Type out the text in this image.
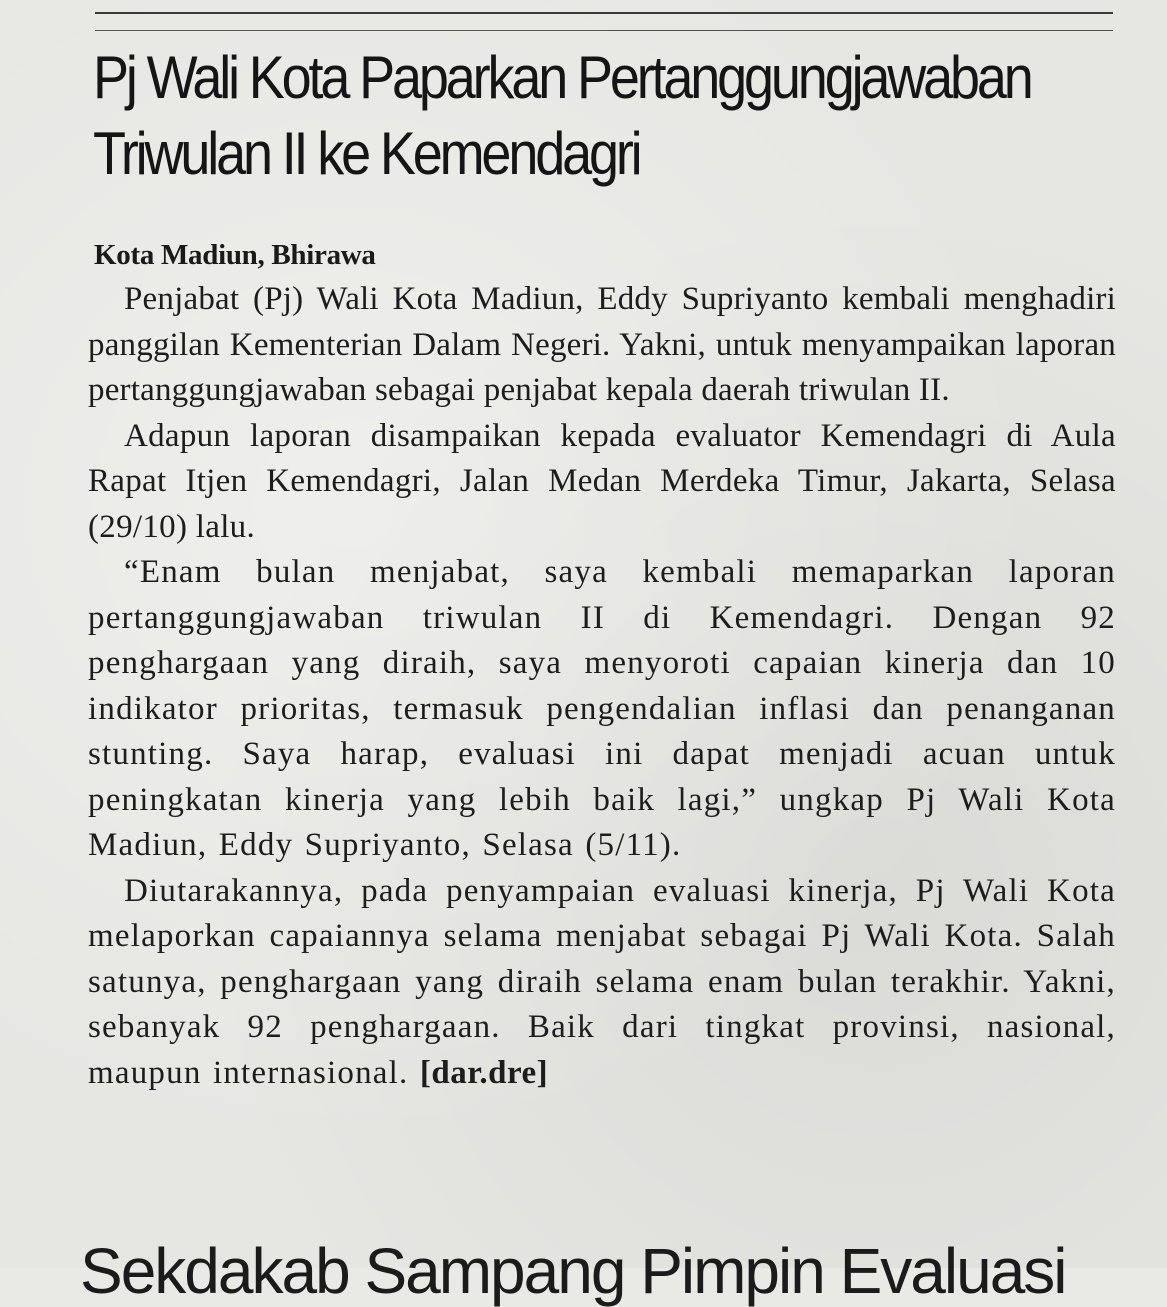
Pj Wali Kota Paparkan Pertanggungjawaban
Triwulan II ke Kemendagri

Kota Madiun, Bhirawa

Penjabat (Pj) Wali Kota Madiun, Eddy Supriyanto kembali menghadiri panggilan Kementerian Dalam Negeri. Yakni, untuk menyampaikan laporan pertanggungjawaban sebagai penjabat kepala daerah triwulan II.

Adapun laporan disampaikan kepada evaluator Kemendagri di Aula Rapat Itjen Kemendagri, Jalan Medan Merdeka Timur, Jakarta, Selasa (29/10) lalu.

“Enam bulan menjabat, saya kembali memaparkan laporan pertanggungjawaban triwulan II di Kemendagri. Dengan 92 penghargaan yang diraih, saya menyoroti capaian kinerja dan 10 indikator prioritas, termasuk pengendalian inflasi dan penanganan stunting. Saya harap, evaluasi ini dapat menjadi acuan untuk peningkatan kinerja yang lebih baik lagi,” ungkap Pj Wali Kota Madiun, Eddy Supriyanto, Selasa (5/11).

Diutarakannya, pada penyampaian evaluasi kinerja, Pj Wali Kota melaporkan capaiannya selama menjabat sebagai Pj Wali Kota. Salah satunya, penghargaan yang diraih selama enam bulan terakhir. Yakni, sebanyak 92 penghargaan. Baik dari tingkat provinsi, nasional, maupun internasional. [dar.dre]

Sekdakab Sampang Pimpin Evaluasi
